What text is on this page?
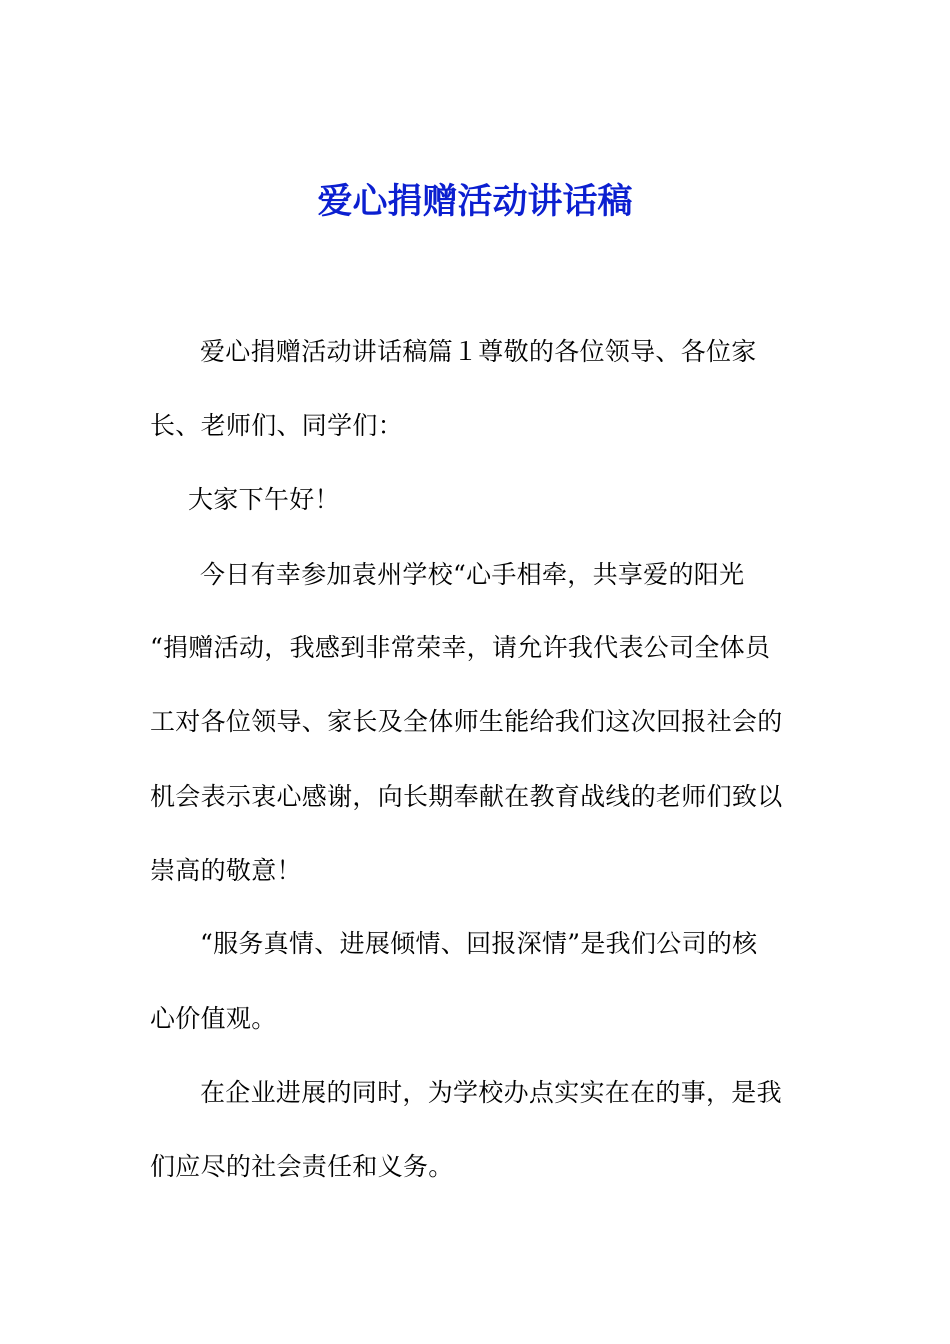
爱心捐赠活动讲话稿
爱心捐赠活动讲话稿篇１尊敬的各位领导、各位家
长、老师们、同学们：
大家下午好！
今日有幸参加袁州学校“心手相牵，共享爱的阳光
“捐赠活动，我感到非常荣幸，请允许我代表公司全体员
工对各位领导、家长及全体师生能给我们这次回报社会的
机会表示衷心感谢，向长期奉献在教育战线的老师们致以
崇高的敬意！
“服务真情、进展倾情、回报深情”是我们公司的核
心价值观。
在企业进展的同时，为学校办点实实在在的事，是我
们应尽的社会责任和义务。
